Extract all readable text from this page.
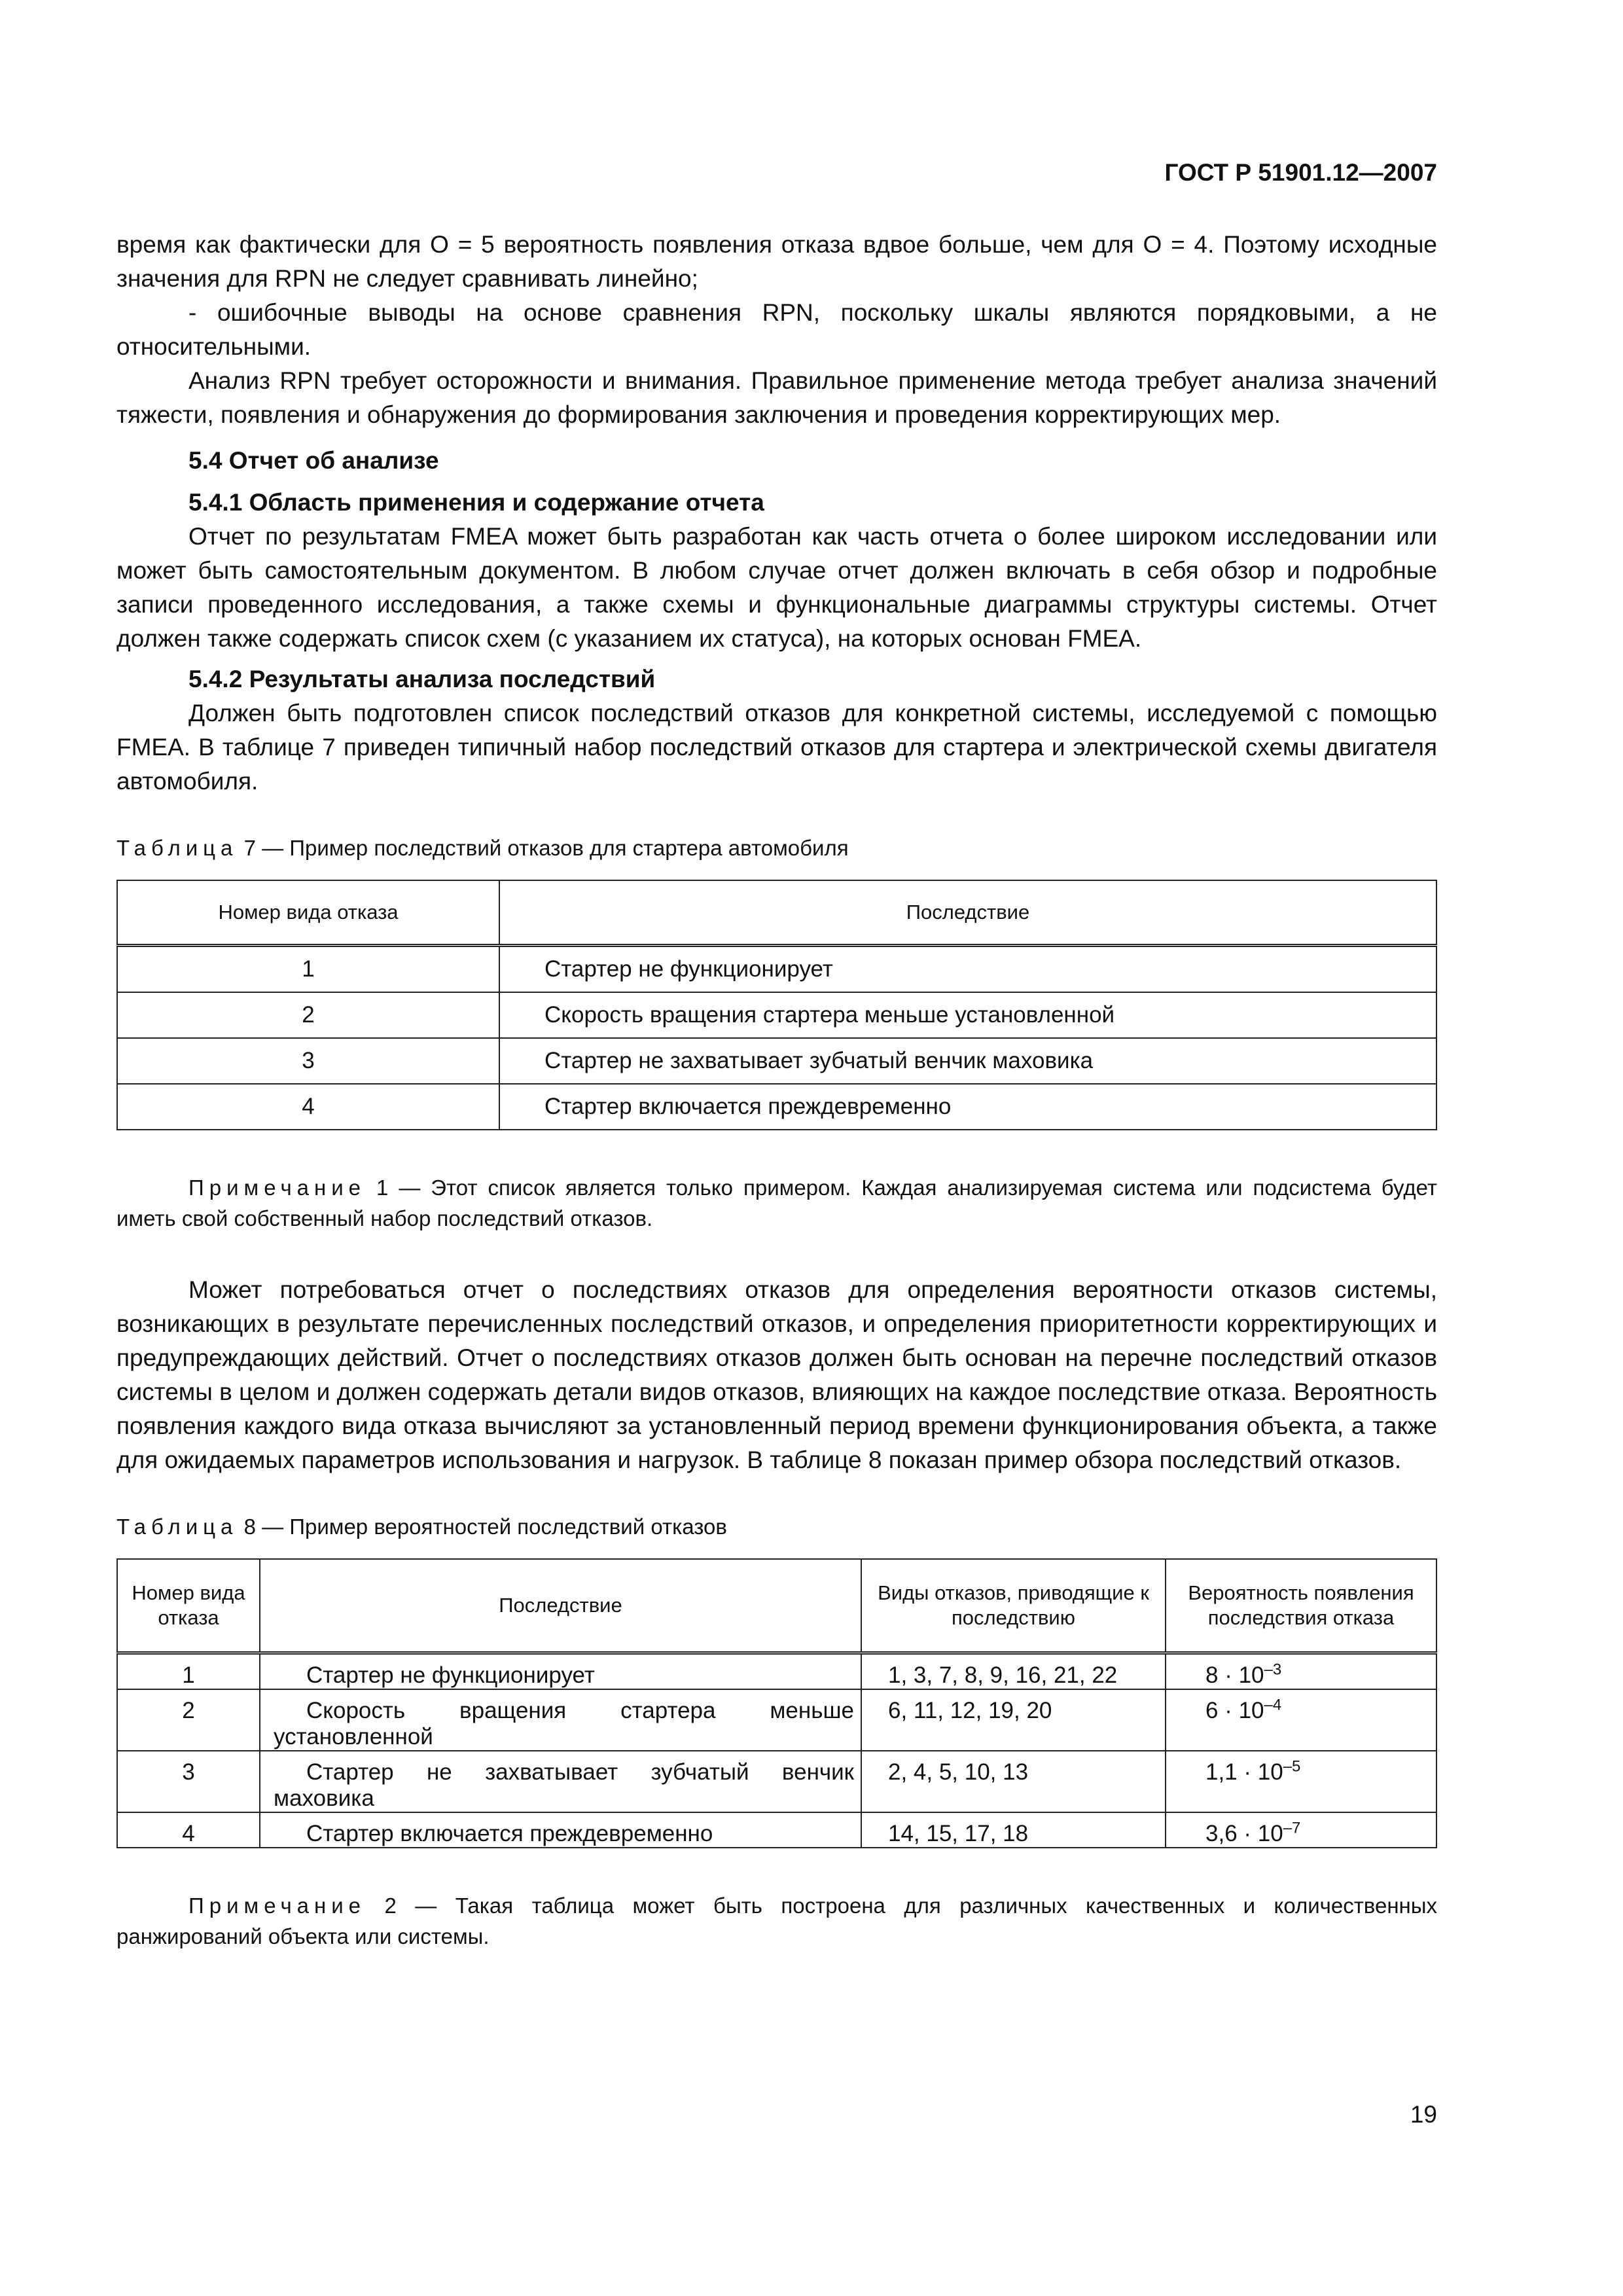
ГОСТ Р 51901.12—2007

время как фактически для O = 5 вероятность появления отказа вдвое больше, чем для O = 4. Поэтому исходные значения для RPN не следует сравнивать линейно;

- ошибочные выводы на основе сравнения RPN, поскольку шкалы являются порядковыми, а не относительными.

Анализ RPN требует осторожности и внимания. Правильное применение метода требует анализа значений тяжести, появления и обнаружения до формирования заключения и проведения корректирующих мер.

5.4 Отчет об анализе
5.4.1 Область применения и содержание отчета

Отчет по результатам FMEA может быть разработан как часть отчета о более широком исследовании или может быть самостоятельным документом. В любом случае отчет должен включать в себя обзор и подробные записи проведенного исследования, а также схемы и функциональные диаграммы структуры системы. Отчет должен также содержать список схем (с указанием их статуса), на которых основан FMEA.

5.4.2 Результаты анализа последствий

Должен быть подготовлен список последствий отказов для конкретной системы, исследуемой с помощью FMEA. В таблице 7 приведен типичный набор последствий отказов для стартера и электрической схемы двигателя автомобиля.

Таблица 7 — Пример последствий отказов для стартера автомобиля
Номер вида отказа	Последствие
1	Стартер не функционирует
2	Скорость вращения стартера меньше установленной
3	Стартер не захватывает зубчатый венчик маховика
4	Стартер включается преждевременно
Примечание 1 — Этот список является только примером. Каждая анализируемая система или подсистема будет иметь свой собственный набор последствий отказов.

Может потребоваться отчет о последствиях отказов для определения вероятности отказов системы, возникающих в результате перечисленных последствий отказов, и определения приоритетности корректирующих и предупреждающих действий. Отчет о последствиях отказов должен быть основан на перечне последствий отказов системы в целом и должен содержать детали видов отказов, влияющих на каждое последствие отказа. Вероятность появления каждого вида отказа вычисляют за установленный период времени функционирования объекта, а также для ожидаемых параметров использования и нагрузок. В таблице 8 показан пример обзора последствий отказов.

Таблица 8 — Пример вероятностей последствий отказов
Номер вида отказа	Последствие	Виды отказов, приводящие к последствию	Вероятность появления последствия отказа
1	Стартер не функционирует	1, 3, 7, 8, 9, 16, 21, 22	$8 \cdot 10^{-3}$
2	Скорость вращения стартера меньше установленной	6, 11, 12, 19, 20	$6 \cdot 10^{-4}$
3	Стартер не захватывает зубчатый венчик маховика	2, 4, 5, 10, 13	$1,1 \cdot 10^{-5}$
4	Стартер включается преждевременно	14, 15, 17, 18	$3,6 \cdot 10^{-7}$
Примечание 2 — Такая таблица может быть построена для различных качественных и количественных ранжирований объекта или системы.
19
